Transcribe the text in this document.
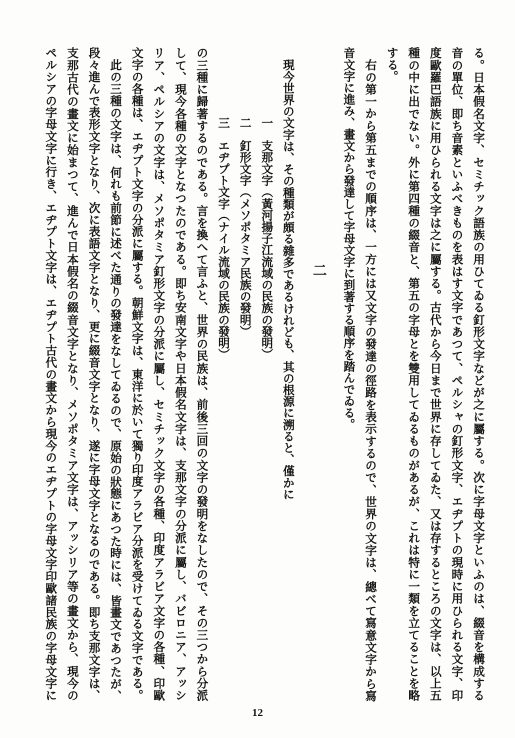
る。日本假名文字、セミチック語族の用ひてゐる釘形文字などが之に屬する。次に字母文字といふのは、綴音を構成する
音の單位、即ち音素といふべきものを表はす文字であつて、ペルシャの釘形文字、エヂプトの現時に用ひられる文字、印
度歐羅巴語族に用ひられる文字は之に屬する。古代から今日まで世界に存してゐた、又は存するところの文字は、以上五
種の中に出でない。外に第四種の綴音と、第五の字母とを雙用してゐるものがあるが、これは特に一類を立てることを略
する。
右の第一から第五までの順序は、一方には又文字の發達の徑路を表示するので、世界の文字は、總べて寫意文字から寫
音文字に進み、畫文から發達して字母文字に到著する順序を踏んでゐる。
二
現今世界の文字は、その種類が頗る雜多であるけれども、其の根源に溯ると、僅かに
一支那文字（黃河揚子江流域の民族の發明）
二釘形文字（メソポタミア民族の發明）
三エヂプト文字（ナイル流域の民族の發明）
の三種に歸著するのである。言を換へて言ふと、世界の民族は、前後三回の文字の發明をなしたので、その三つから分派
して、現今各種の文字となつたのである。即ち安南文字や日本假名文字は、支那文字の分派に屬し、バビロニア、アッシ
リア、ペルシアの文字は、メソポタミア釘形文字の分派に屬し、セミチック文字の各種、印度アラビア文字の各種、印歐
文字の各種は、エヂプト文字の分派に屬する。朝鮮文字は、東洋に於いて獨り印度アラビア分派を受けてゐる文字である。
此の三種の文字は、何れも前節に述べた通りの發達をなしてゐるので、原始の狀態にあつた時には、皆畫文であつたが、
段々進んで表形文字となり、次に表語文字となり、更に綴音文字となり、遂に字母文字となるのである。即ち支那文字は、
支那古代の畫文に始まつて、進んで日本假名の綴音文字となり、メソポタミア文字は、アッシリア等の畫文から、現今の
ペルシアの字母文字に行き、エヂプト文字は、エヂプト古代の畫文から現今のエヂプトの字母文字印歐諸民族の字母文字に
12
